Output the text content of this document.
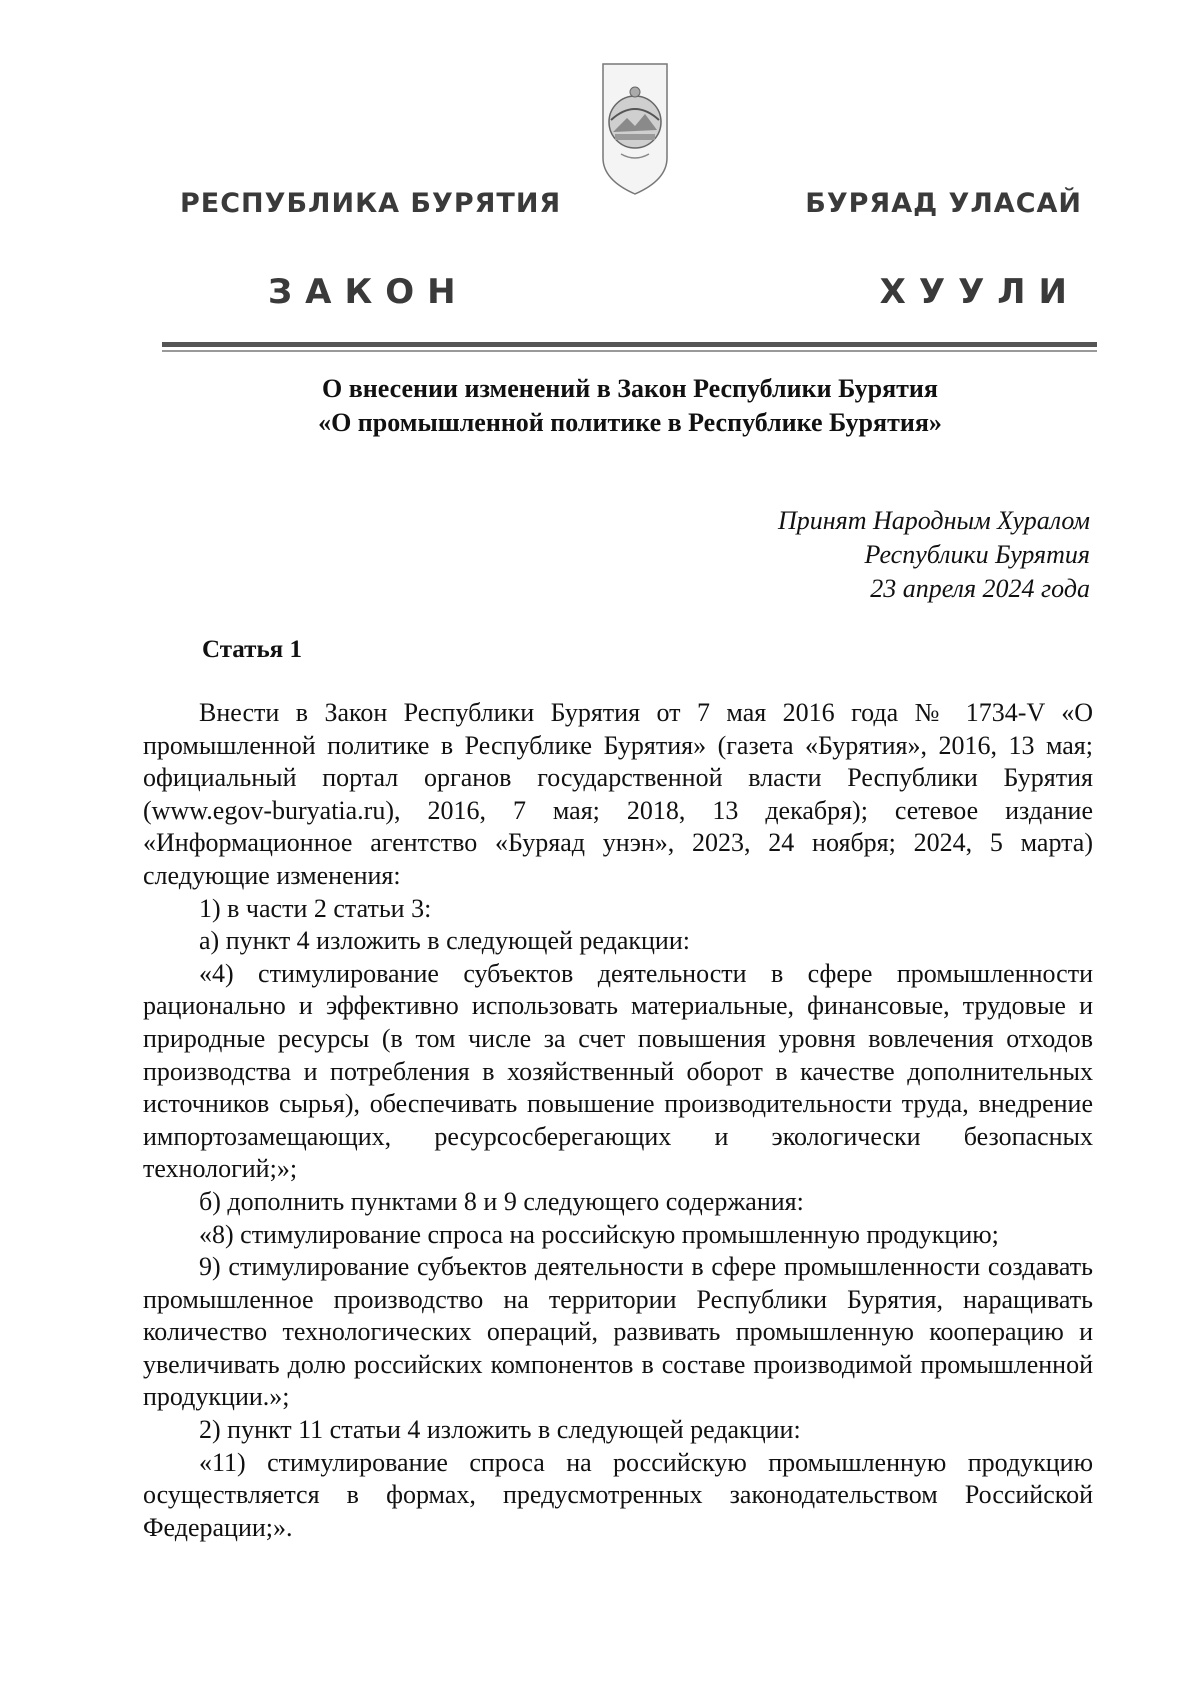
РЕСПУБЛИКА БУРЯТИЯ	БУРЯАД УЛАСАЙ
ЗАКОН	ХУУЛИ
О внесении изменений в Закон Республики Бурятия
«О промышленной политике в Республике Бурятия»
Принят Народным Хуралом
Республики Бурятия
23 апреля 2024 года
Статья 1

Внести в Закон Республики Бурятия от 7 мая 2016 года № 1734-V «О промышленной политике в Республике Бурятия» (газета «Бурятия», 2016, 13 мая; официальный портал органов государственной власти Республики Бурятия (www.egov-buryatia.ru), 2016, 7 мая; 2018, 13 декабря); сетевое издание «Информационное агентство «Буряад унэн», 2023, 24 ноября; 2024, 5 марта) следующие изменения:

1) в части 2 статьи 3:

а) пункт 4 изложить в следующей редакции:

«4) стимулирование субъектов деятельности в сфере промышленности рационально и эффективно использовать материальные, финансовые, трудовые и природные ресурсы (в том числе за счет повышения уровня вовлечения отходов производства и потребления в хозяйственный оборот в качестве дополнительных источников сырья), обеспечивать повышение производительности труда, внедрение импортозамещающих, ресурсосберегающих и экологически безопасных технологий;»;

б) дополнить пунктами 8 и 9 следующего содержания:

«8) стимулирование спроса на российскую промышленную продукцию;

9) стимулирование субъектов деятельности в сфере промышленности создавать промышленное производство на территории Республики Бурятия, наращивать количество технологических операций, развивать промышленную кооперацию и увеличивать долю российских компонентов в составе производимой промышленной продукции.»;

2) пункт 11 статьи 4 изложить в следующей редакции:

«11) стимулирование спроса на российскую промышленную продукцию осуществляется в формах, предусмотренных законодательством Российской Федерации;».
